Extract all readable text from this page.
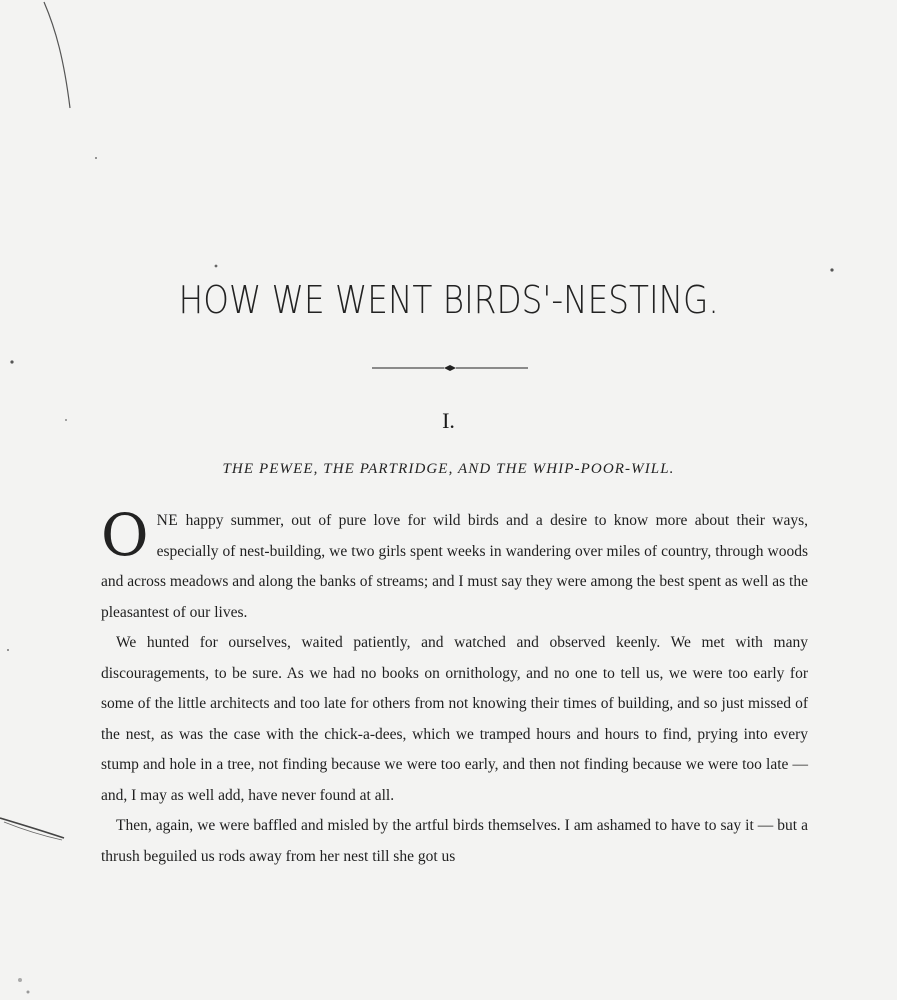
HOW WE WENT BIRDS'-NESTING.
I.
THE PEWEE, THE PARTRIDGE, AND THE WHIP-POOR-WILL.

ONE happy summer, out of pure love for wild birds and a desire to know more about their ways, especially of nest-building, we two girls spent weeks in wandering over miles of country, through woods and across meadows and along the banks of streams; and I must say they were among the best spent as well as the pleasantest of our lives.

We hunted for ourselves, waited patiently, and watched and observed keenly. We met with many discouragements, to be sure. As we had no books on ornithology, and no one to tell us, we were too early for some of the little architects and too late for others from not knowing their times of building, and so just missed of the nest, as was the case with the chick-a-dees, which we tramped hours and hours to find, prying into every stump and hole in a tree, not finding because we were too early, and then not finding because we were too late — and, I may as well add, have never found at all.

Then, again, we were baffled and misled by the artful birds themselves. I am ashamed to have to say it — but a thrush beguiled us rods away from her nest till she got us
